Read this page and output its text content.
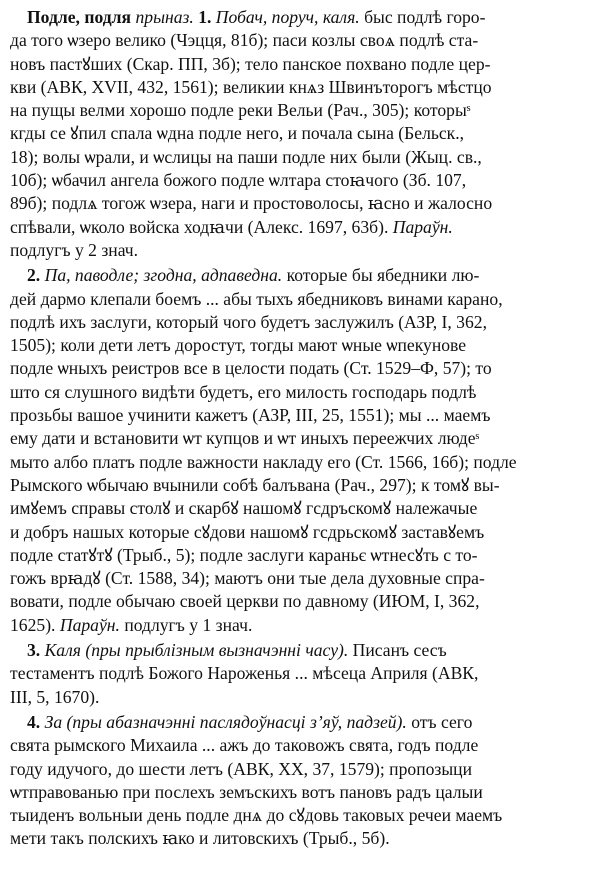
Подле, подля прыназ. 1. Побач, поруч, каля. быс подлѣ горо-
да того ѡзеро велико (Чэцця, 81б); паси козлы своѧ подлѣ ста-
новъ пастꙋших (Скар. ПП, 3б); тело панское похвано подле цер-
кви (АВК, XVII, 432, 1561); великии кнѧз Швинъторогъ мѣстцо
на пущы велми хорошо подле реки Вельи (Рач., 305); которыˢ
кгды се ꙋпил спала ѡдна подле него, и почала сына (Бельск.,
18); волы ѡрали, и ѡслицы на паши подле них были (Жыц. св.,
10б); ѡбачил ангела божого подле ѡлтара стоꙗчого (Зб. 107,
89б); подлѧ тогож ѡзера, наги и простоволосы, ꙗсно и жалосно
спѣвали, ѡколо войска ходꙗчи (Алекс. 1697, 63б). Параўн.
подлугъ у 2 знач.
2. Па, паводле; згодна, адпаведна. которые бы ябедники лю-
дей дармо клепали боемъ ... абы тыхъ ябедниковъ винами карано,
подлѣ ихъ заслуги, который чого будетъ заслужилъ (АЗР, I, 362,
1505); коли дети летъ доростут, тогды мают ѡные ѡпекунове
подле ѡныхъ реистров все в целости подать (Ст. 1529–Ф, 57); то
што ся слушного видѣти будетъ, его милость господарь подлѣ
прозьбы вашое учинити кажетъ (АЗР, III, 25, 1551); мы ... маемъ
ему дати и встановити ѡт купцов и ѡт иныхъ переежчих людеˢ
мыто албо платъ подле важности накладу его (Ст. 1566, 16б); подле
Рымского ѡбычаю вчынили собѣ балъвана (Рач., 297); к томꙋ вы-
имꙋемъ справы столꙋ и скарбꙋ нашомꙋ гсдръскомꙋ належачые
и добръ нашых которые сꙋдови нашомꙋ гсдрьскомꙋ заставꙋемъ
подле статꙋтꙋ (Трыб., 5); подле заслуги караньє ѡтнесꙋть с то-
гожъ врꙗдꙋ (Ст. 1588, 34); маютъ они тые дела духовные спра-
вовати, подле обычаю своей церкви по давному (ИЮМ, I, 362,
1625). Параўн. подлугъ у 1 знач.
3. Каля (пры прыблізным вызначэнні часу). Писанъ сесъ
тестаментъ подлѣ Божого Нароженья ... мѣсеца Априля (АВК,
III, 5, 1670).
4. За (пры абазначэнні паслядоўнасці з’яў, падзей). отъ сего
свята рымского Михаила ... ажъ до таковожъ свята, годъ подле
году идучого, до шести летъ (АВК, XX, 37, 1579); пропозыци
ѡтправованью при послехъ земъскихъ вотъ пановъ радъ цалыи
тыиденъ вольныи день подле днѧ до сꙋдовь таковых речеи маемъ
мети такъ полскихъ ꙗко и литовскихъ (Трыб., 5б).
